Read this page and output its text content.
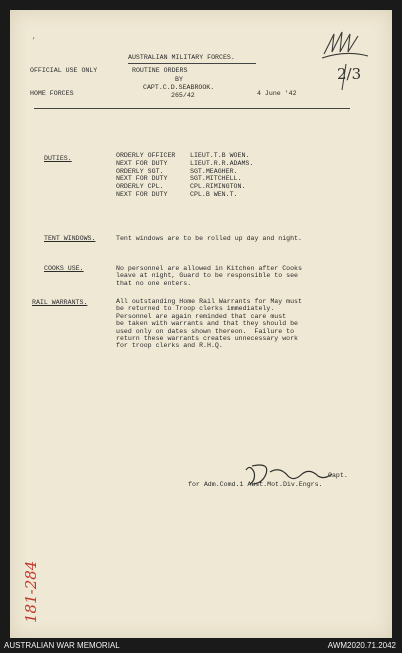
,
2/3
AUSTRALIAN MILITARY FORCES.
OFFICIAL USE ONLY	ROUTINE ORDERS
BY
CAPT.C.D.SEABROOK.
265/42
HOME FORCES	4 June '42
DUTIES.	ORDERLY OFFICER LIEUT.T.B WOEN.
NEXT FOR DUTY	LIEUT.R.R.ADAMS.
ORDERLY SGT.	SGT.MEAGHER.
NEXT FOR DUTY	SGT.MITCHELL.
ORDERLY CPL.	CPL.RIMINGTON.
NEXT FOR DUTY	CPL.B WEN.T.
TENT WINDOWS.	Tent windows are to be rolled up day and night.
COOKS USE.	No personnel are allowed in Kitchen after Cooks
leave at night, Guard to be responsible to see
that no one enters.
RAIL WARRANTS.	All outstanding Home Rail Warrants for May must
be returned to Troop clerks immediately.
Personnel are again reminded that care must
be taken with warrants and that they should be
used only on dates shown thereon.  Failure to
return these warrants creates unnecessary work
for troop clerks and R.H.Q.
Capt.
for Adm.Comd.1 Aust.Mot.Div.Engrs.
181-284
AUSTRALIAN WAR MEMORIAL	AWM2020.71.2042
